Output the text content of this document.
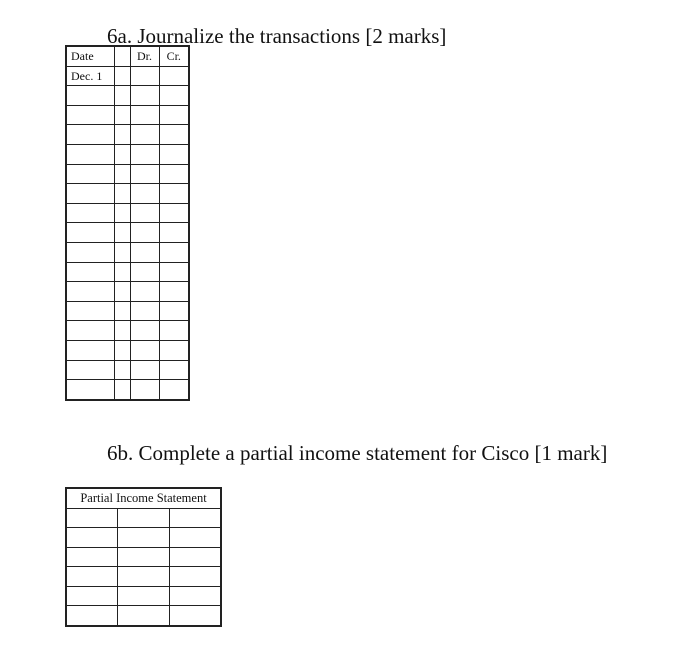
6a. Journalize the transactions [2 marks]
Date		Dr.	Cr.
Dec. 1			

6b. Complete a partial income statement for Cisco [1 mark]
Partial Income Statement		
